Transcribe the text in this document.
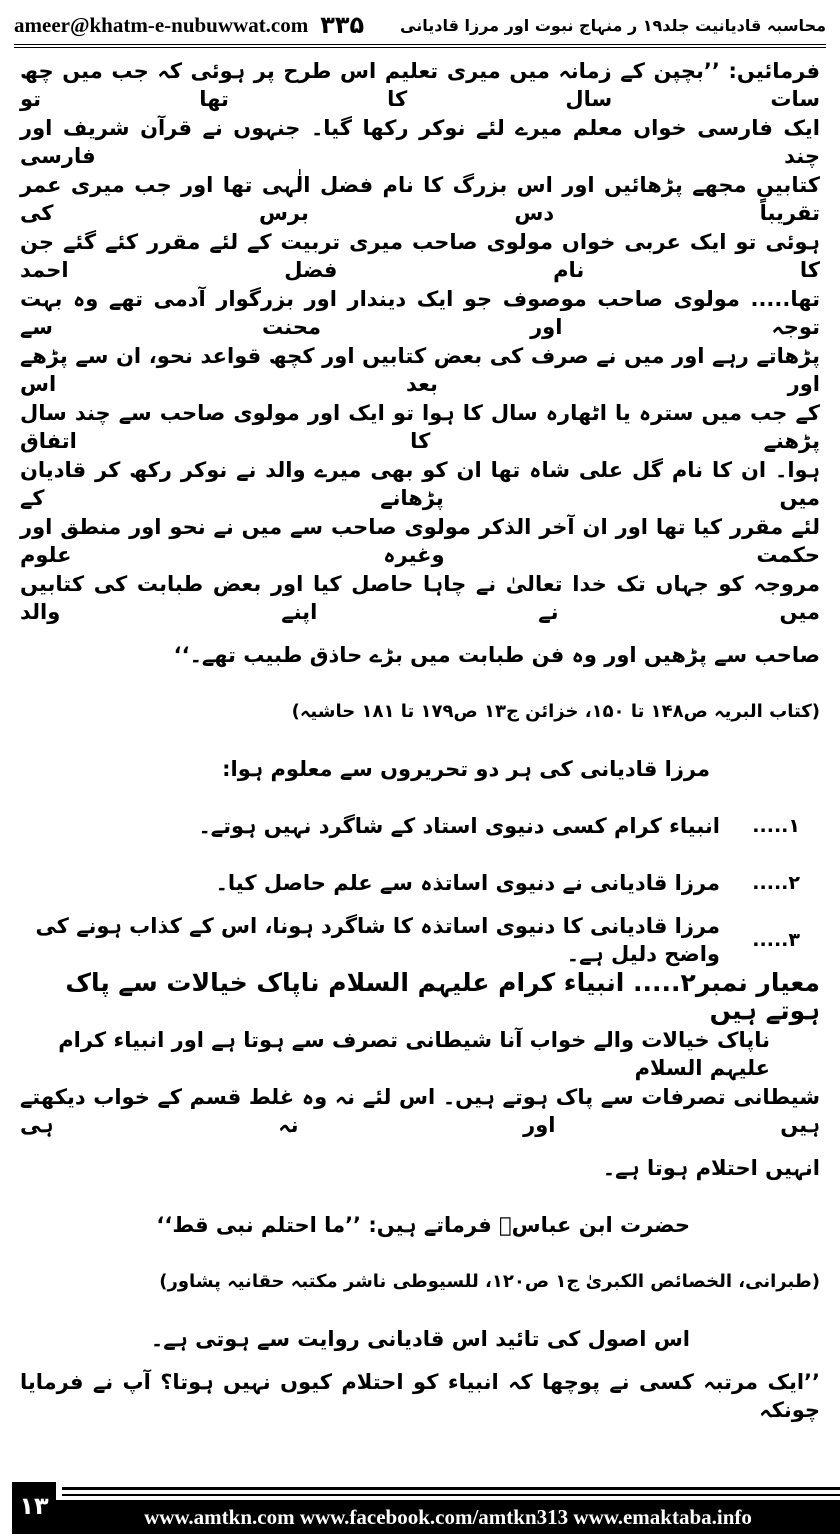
ameer@khatm-e-nubuwwat.com ۳۳۵	محاسبہ قادیانیت جلد۱۹ ر منہاج نبوت اور مرزا قادیانی
فرمائیں: ’’بچپن کے زمانہ میں میری تعلیم اس طرح پر ہوئی کہ جب میں چھ سات سال کا تھا تو
ایک فارسی خواں معلم میرے لئے نوکر رکھا گیا۔ جنہوں نے قرآن شریف اور چند فارسی
کتابیں مجھے پڑھائیں اور اس بزرگ کا نام فضل الٰہی تھا اور جب میری عمر تقریباً دس برس کی
ہوئی تو ایک عربی خواں مولوی صاحب میری تربیت کے لئے مقرر کئے گئے جن کا نام فضل احمد
تھا..... مولوی صاحب موصوف جو ایک دیندار اور بزرگوار آدمی تھے وہ بہت توجہ اور محنت سے
پڑھاتے رہے اور میں نے صرف کی بعض کتابیں اور کچھ قواعد نحو، ان سے پڑھے اور بعد اس
کے جب میں سترہ یا اٹھارہ سال کا ہوا تو ایک اور مولوی صاحب سے چند سال پڑھنے کا اتفاق
ہوا۔ ان کا نام گل علی شاہ تھا ان کو بھی میرے والد نے نوکر رکھ کر قادیان میں پڑھانے کے
لئے مقرر کیا تھا اور ان آخر الذکر مولوی صاحب سے میں نے نحو اور منطق اور حکمت وغیرہ علوم
مروجہ کو جہاں تک خدا تعالیٰ نے چاہا حاصل کیا اور بعض طبابت کی کتابیں میں نے اپنے والد
صاحب سے پڑھیں اور وہ فن طبابت میں بڑے حاذق طبیب تھے۔‘‘
(کتاب البریہ ص۱۴۸ تا ۱۵۰، خزائن ج۱۳ ص۱۷۹ تا ۱۸۱ حاشیہ)
مرزا قادیانی کی ہر دو تحریروں سے معلوم ہوا:
۱.....
انبیاء کرام کسی دنیوی استاد کے شاگرد نہیں ہوتے۔
۲.....
مرزا قادیانی نے دنیوی اساتذہ سے علم حاصل کیا۔
۳.....
مرزا قادیانی کا دنیوی اساتذہ کا شاگرد ہونا، اس کے کذاب ہونے کی واضح دلیل ہے۔
معیار نمبر۲..... انبیاء کرام علیہم السلام ناپاک خیالات سے پاک ہوتے ہیں
ناپاک خیالات والے خواب آنا شیطانی تصرف سے ہوتا ہے اور انبیاء کرام علیہم السلام
شیطانی تصرفات سے پاک ہوتے ہیں۔ اس لئے نہ وہ غلط قسم کے خواب دیکھتے ہیں اور نہ ہی
انہیں احتلام ہوتا ہے۔
حضرت ابن عباسؓ فرماتے ہیں: ’’ما احتلم نبی قط‘‘
(طبرانی، الخصائص الکبریٰ ج۱ ص۱۲۰، للسیوطی ناشر مکتبہ حقانیہ پشاور)
اس اصول کی تائید اس قادیانی روایت سے ہوتی ہے۔
’’ایک مرتبہ کسی نے پوچھا کہ انبیاء کو احتلام کیوں نہیں ہوتا؟ آپ نے فرمایا چونکہ
۱۳	www.amtkn.com www.facebook.com/amtkn313 www.emaktaba.info
